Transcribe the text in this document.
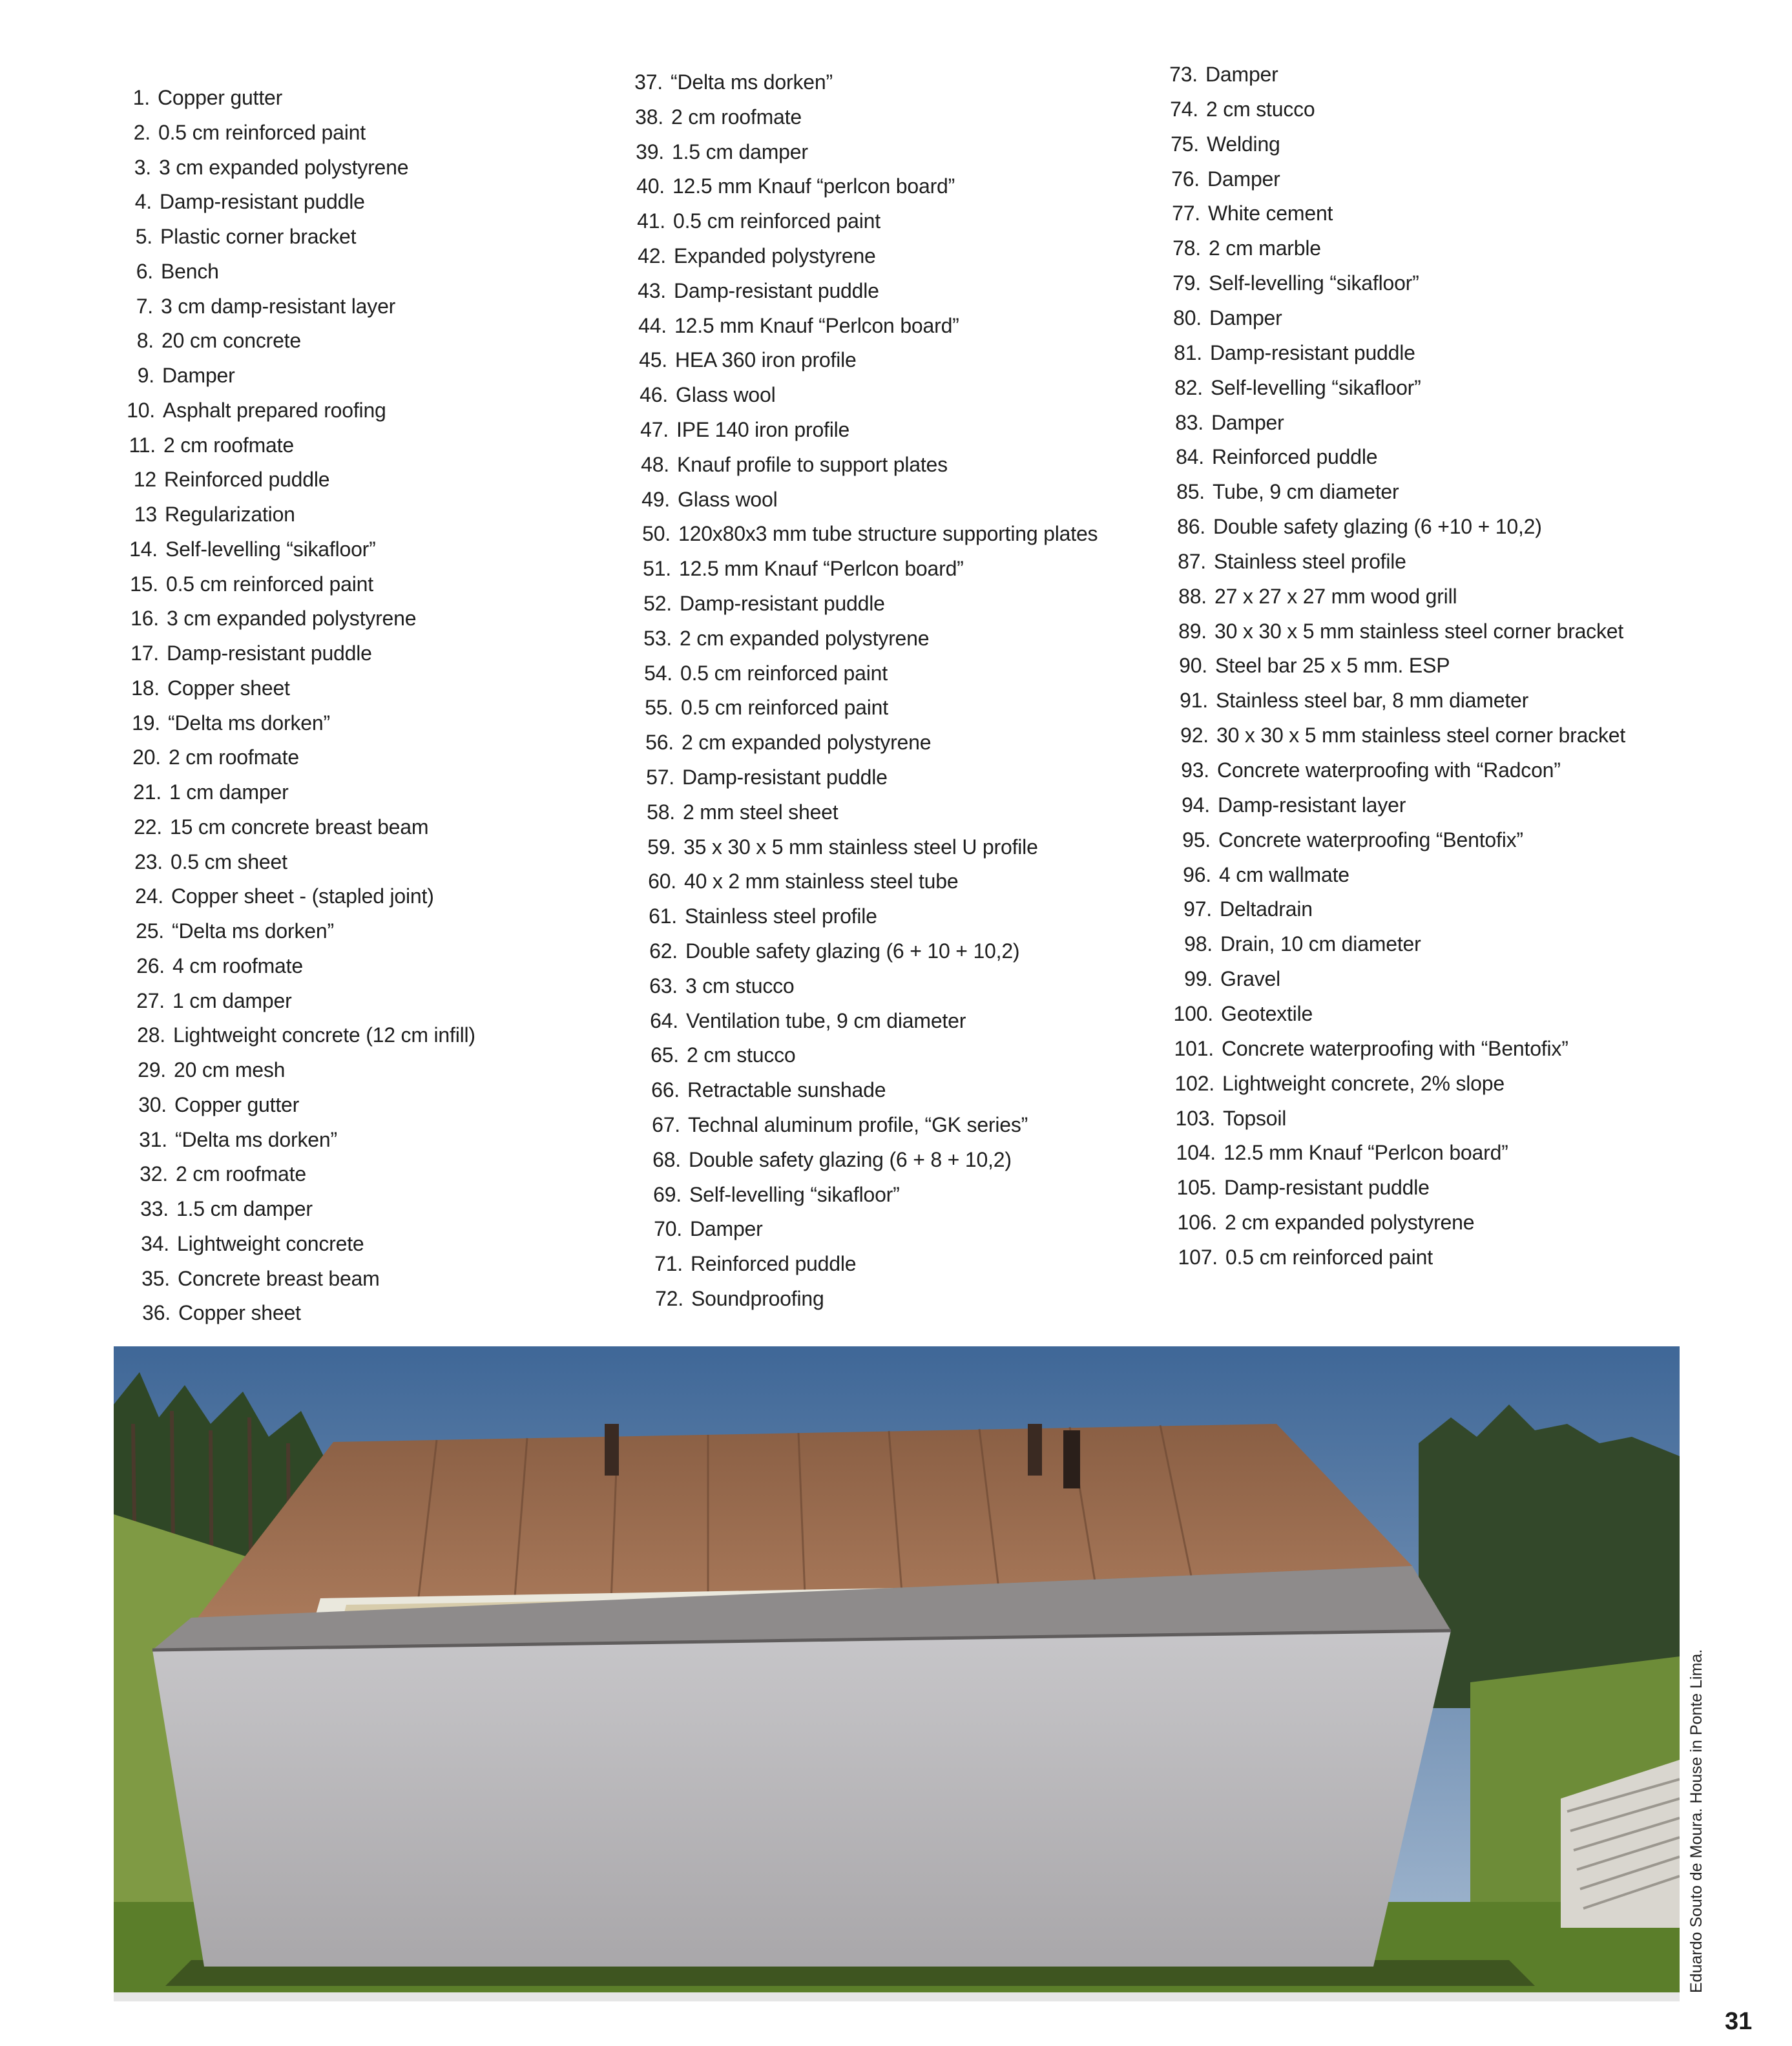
1. Copper gutter
2. 0.5 cm reinforced paint
3. 3 cm expanded polystyrene
4. Damp-resistant puddle
5. Plastic corner bracket
6. Bench
7. 3 cm damp-resistant layer
8. 20 cm concrete
9. Damper
10. Asphalt prepared roofing
11. 2 cm roofmate
12 Reinforced puddle
13 Regularization
14. Self-levelling “sikafloor”
15. 0.5 cm reinforced paint
16. 3 cm expanded polystyrene
17. Damp-resistant puddle
18. Copper sheet
19. “Delta ms dorken”
20. 2 cm roofmate
21. 1 cm damper
22. 15 cm concrete breast beam
23. 0.5 cm sheet
24. Copper sheet - (stapled joint)
25. “Delta ms dorken”
26. 4 cm roofmate
27. 1 cm damper
28. Lightweight concrete (12 cm infill)
29. 20 cm mesh
30. Copper gutter
31. “Delta ms dorken”
32. 2 cm roofmate
33. 1.5 cm damper
34. Lightweight concrete
35. Concrete breast beam
36. Copper sheet
37. “Delta ms dorken”
38. 2 cm roofmate
39. 1.5 cm damper
40. 12.5 mm Knauf “perlcon board”
41. 0.5 cm reinforced paint
42. Expanded polystyrene
43. Damp-resistant puddle
44. 12.5 mm Knauf “Perlcon board”
45. HEA 360 iron profile
46. Glass wool
47. IPE 140 iron profile
48. Knauf profile to support plates
49. Glass wool
50. 120x80x3 mm tube structure supporting plates
51. 12.5 mm Knauf “Perlcon board”
52. Damp-resistant puddle
53. 2 cm expanded polystyrene
54. 0.5 cm reinforced paint
55. 0.5 cm reinforced paint
56. 2 cm expanded polystyrene
57. Damp-resistant puddle
58. 2 mm steel sheet
59. 35 x 30 x 5 mm stainless steel U profile
60. 40 x 2 mm stainless steel tube
61. Stainless steel profile
62. Double safety glazing (6 + 10 + 10,2)
63. 3 cm stucco
64. Ventilation tube, 9 cm diameter
65. 2 cm stucco
66. Retractable sunshade
67. Technal aluminum profile, “GK series”
68. Double safety glazing (6 + 8 + 10,2)
69. Self-levelling “sikafloor”
70. Damper
71. Reinforced puddle
72. Soundproofing
73. Damper
74. 2 cm stucco
75. Welding
76. Damper
77. White cement
78. 2 cm marble
79. Self-levelling “sikafloor”
80. Damper
81. Damp-resistant puddle
82. Self-levelling “sikafloor”
83. Damper
84. Reinforced puddle
85. Tube, 9 cm diameter
86. Double safety glazing (6 +10 + 10,2)
87. Stainless steel profile
88. 27 x 27 x 27 mm wood grill
89. 30 x 30 x 5 mm stainless steel corner bracket
90. Steel bar 25 x 5 mm. ESP
91. Stainless steel bar, 8 mm diameter
92. 30 x 30 x 5 mm stainless steel corner bracket
93. Concrete waterproofing with “Radcon”
94. Damp-resistant layer
95. Concrete waterproofing “Bentofix”
96. 4 cm wallmate
97. Deltadrain
98. Drain, 10 cm diameter
99. Gravel
100. Geotextile
101. Concrete waterproofing with “Bentofix”
102. Lightweight concrete, 2% slope
103. Topsoil
104. 12.5 mm Knauf “Perlcon board”
105. Damp-resistant puddle
106. 2 cm expanded polystyrene
107. 0.5 cm reinforced paint
Eduardo Souto de Moura. House in Ponte Lima.
31
